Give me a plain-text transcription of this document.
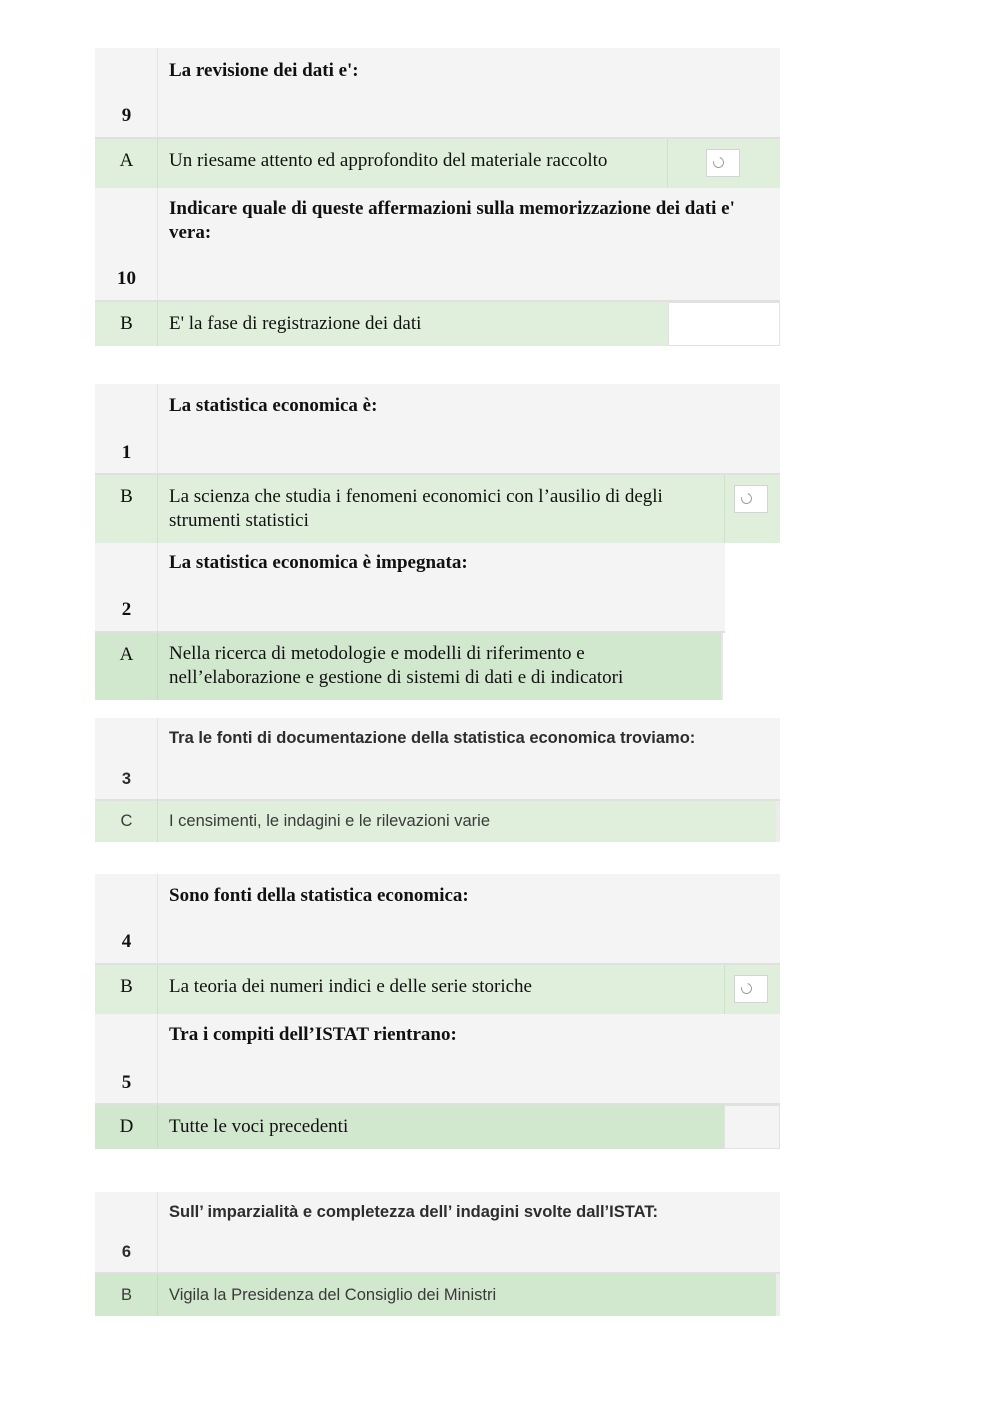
9
La revisione dei dati e':
A	Un riesame attento ed approfondito del materiale raccolto
10
Indicare quale di queste affermazioni sulla memorizzazione dei dati e' vera:
B	E' la fase di registrazione dei dati
1
La statistica economica è:
B	La scienza che studia i fenomeni economici con l’ausilio di degli strumenti statistici
2
La statistica economica è impegnata:
A	Nella ricerca di metodologie e modelli di riferimento e nell’elaborazione e gestione di sistemi di dati e di indicatori
3
Tra le fonti di documentazione della statistica economica troviamo:
C	I censimenti, le indagini e le rilevazioni varie
4
Sono fonti della statistica economica:
B	La teoria dei numeri indici e delle serie storiche
5
Tra i compiti dell’ISTAT rientrano:
D	Tutte le voci precedenti
6
Sull’ imparzialità e completezza dell’ indagini svolte dall’ISTAT:
B	Vigila la Presidenza del Consiglio dei Ministri
